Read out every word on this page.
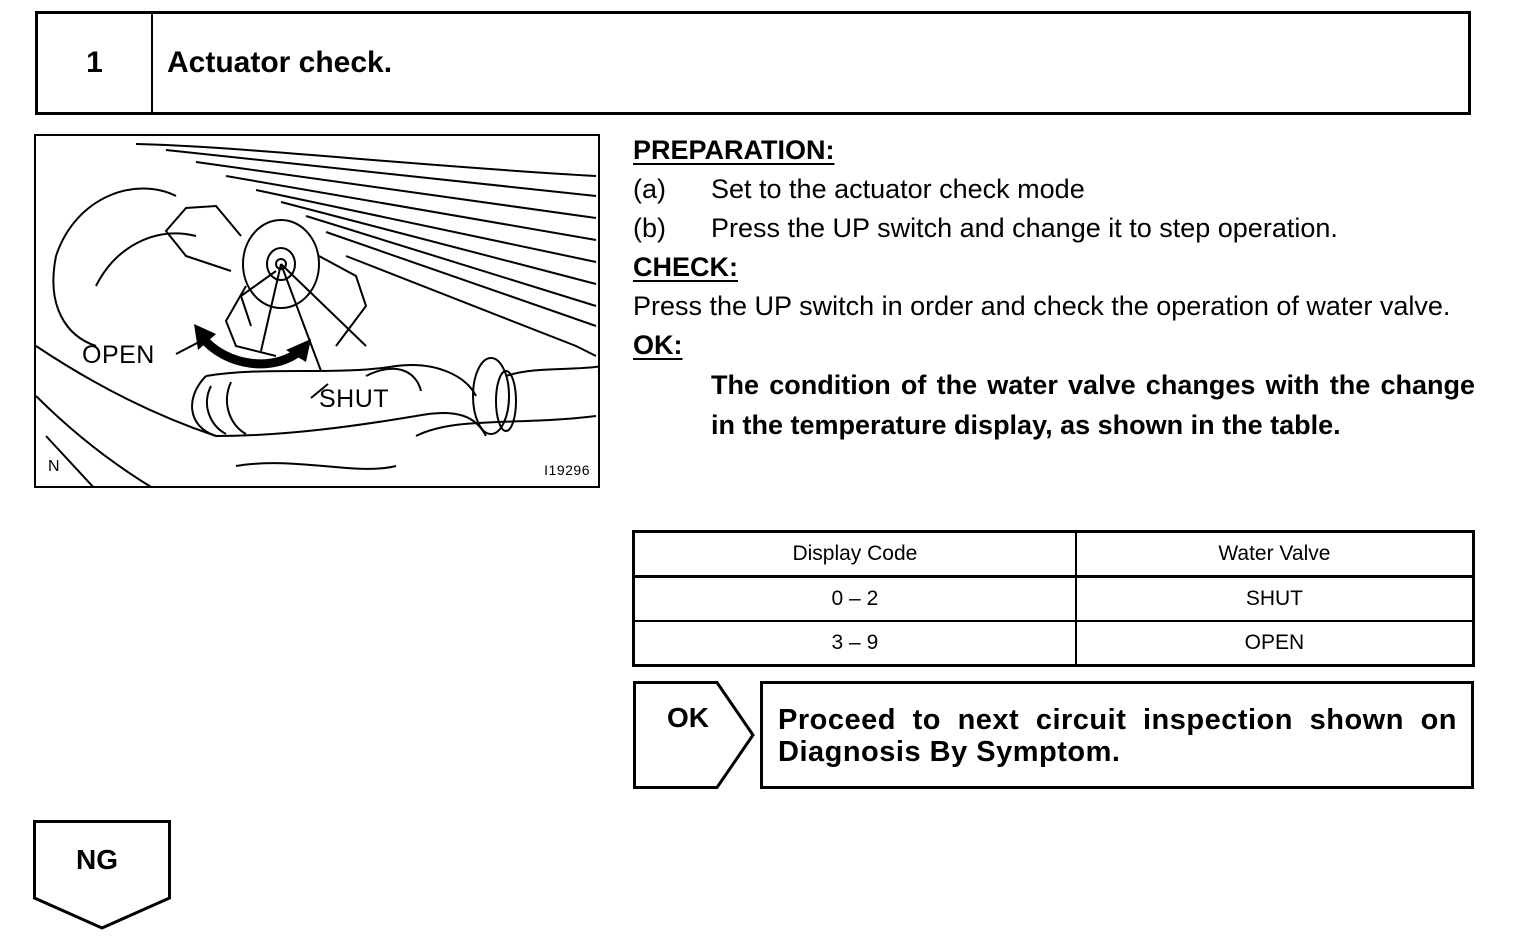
1	Actuator check.
OPEN
SHUT
N	I19296
PREPARATION:
(a)	Set to the actuator check mode
(b)	Press the UP switch and change it to step operation.
CHECK:
Press the UP switch in order and check the operation of water valve.
OK:
The condition of the water valve changes with the change in the temperature display, as shown in the table.
Display Code	Water Valve
0 – 2	SHUT
3 – 9	OPEN
OK	Proceed to next circuit inspection shown on Diagnosis By Symptom.
NG
